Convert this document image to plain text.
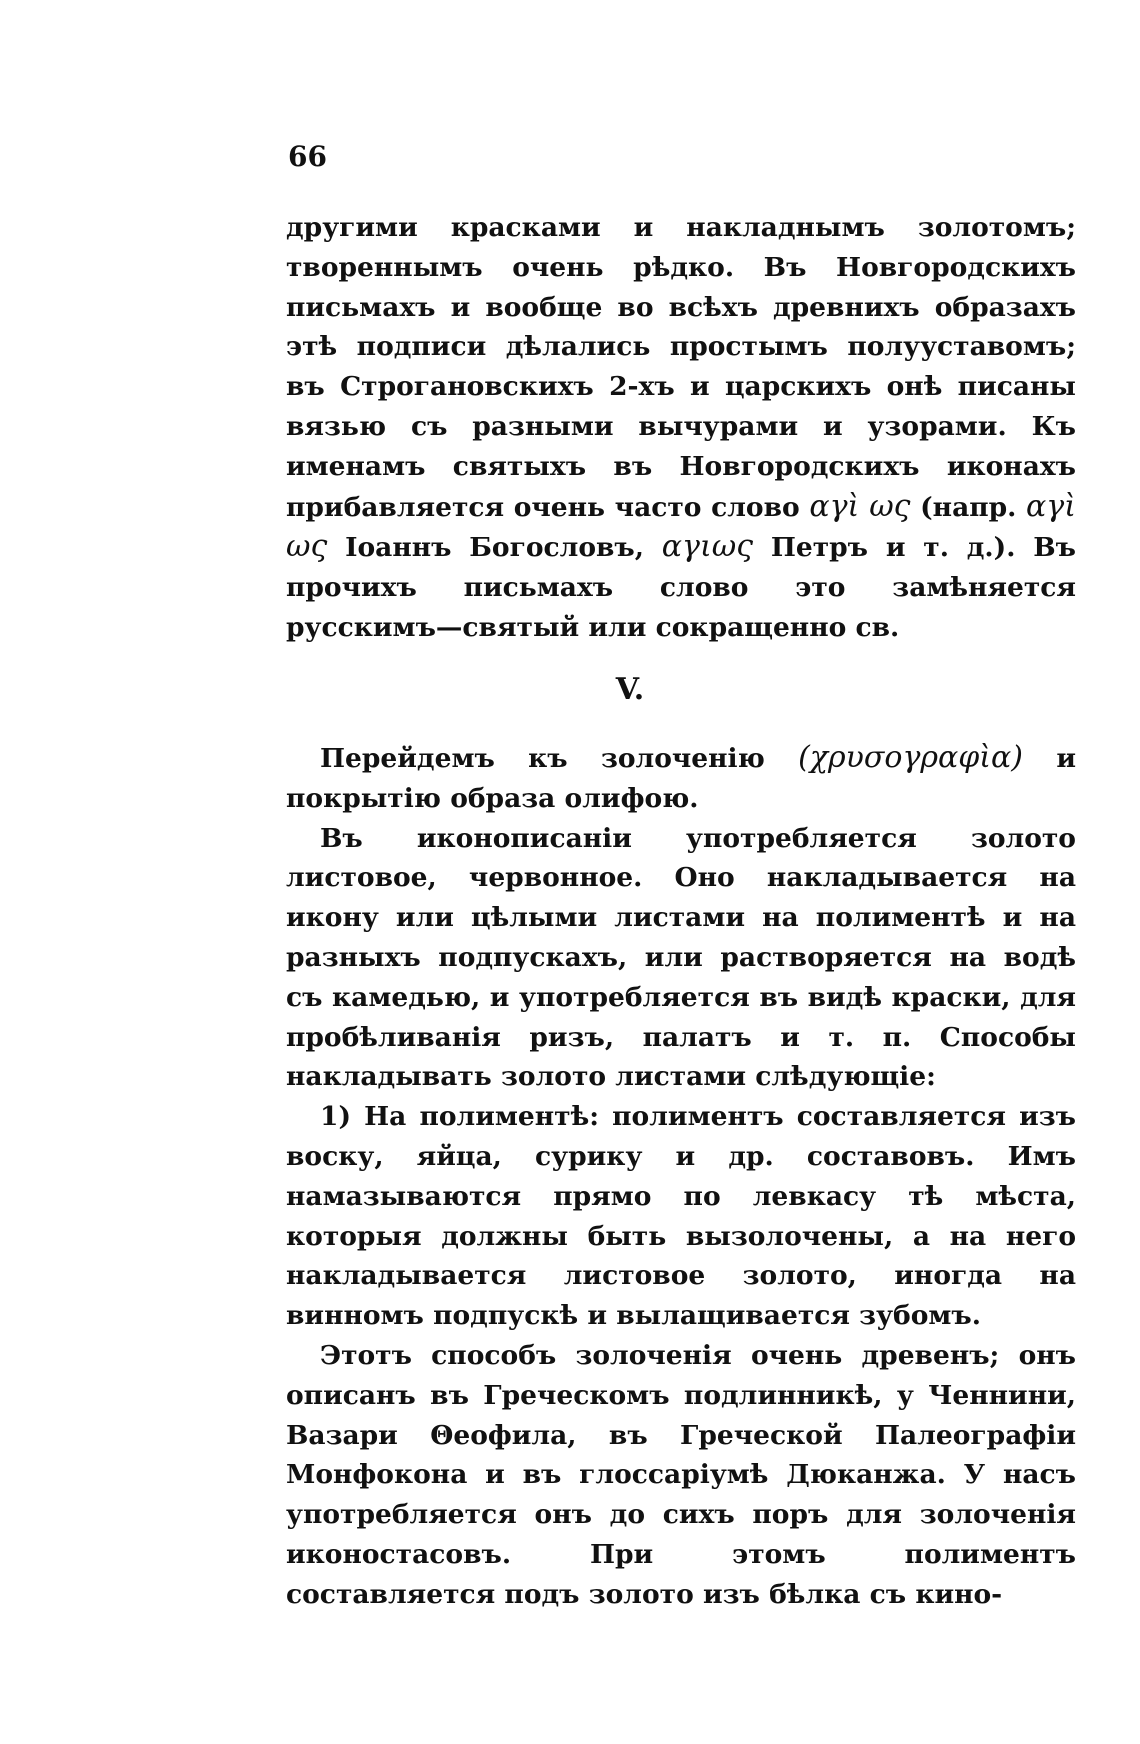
66

другими красками и накладнымъ золотомъ; твореннымъ очень рѣдко. Въ Новгородскихъ письмахъ и вообще во всѣхъ древнихъ образахъ этѣ подписи дѣлались простымъ полууставомъ; въ Строгановскихъ 2-хъ и царскихъ онѣ писаны вязью съ разными вычурами и узорами. Къ именамъ святыхъ въ Новгородскихъ иконахъ прибавляется очень часто слово αγὶ ως (напр. αγὶ ως Іоаннъ Богословъ, αγιως Петръ и т. д.). Въ прочихъ письмахъ слово это замѣняется русскимъ—святый или сокращенно св.

V.

Перейдемъ къ золоченію (χρυσογραφὶα) и покрытію образа олифою.

Въ иконописаніи употребляется золото листовое, червонное. Оно накладывается на икону или цѣлыми листами на полиментѣ и на разныхъ подпускахъ, или растворяется на водѣ съ камедью, и употребляется въ видѣ краски, для пробѣливанія ризъ, палатъ и т. п. Способы накладывать золото листами слѣдующіе:

1) На полиментѣ: полиментъ составляется изъ воску, яйца, сурику и др. составовъ. Имъ намазываются прямо по левкасу тѣ мѣста, которыя должны быть вызолочены, а на него накладывается листовое золото, иногда на винномъ подпускѣ и вылащивается зубомъ.

Этотъ способъ золоченія очень древенъ; онъ описанъ въ Греческомъ подлинникѣ, у Ченнини, Вазари Θеофила, въ Греческой Палеографіи Монфокона и въ глоссаріумѣ Дюканжа. У насъ употребляется онъ до сихъ поръ для золоченія иконостасовъ. При этомъ полиментъ составляется подъ золото изъ бѣлка съ кино-
